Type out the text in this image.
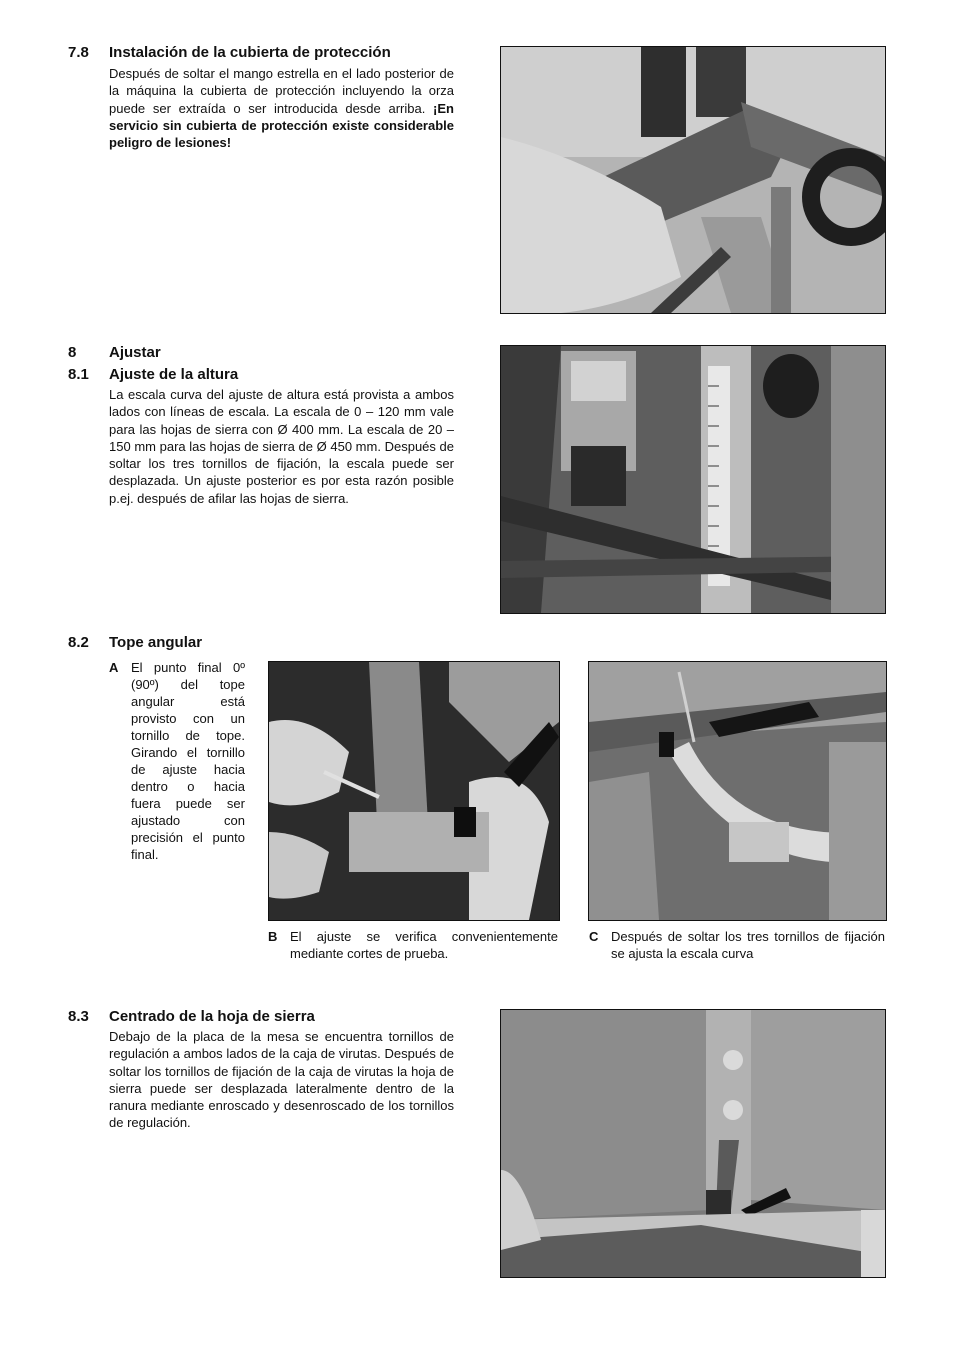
7.8 Instalación de la cubierta de protección
Después de soltar el mango estrella en el lado posterior de la máquina la cubierta de protección incluyendo la orza puede ser extraída o ser introducida desde arriba. ¡En servicio sin cubierta de protección existe considerable peligro de lesiones!
8 Ajustar
8.1 Ajuste de la altura
La escala curva del ajuste de altura está provista a ambos lados con líneas de escala. La escala de 0 – 120 mm vale para las hojas de sierra con Ø 400 mm. La escala de 20 – 150 mm para las hojas de sierra de Ø 450 mm. Después de soltar los tres tornillos de fijación, la escala puede ser desplazada. Un ajuste posterior es por esta razón posible p.ej. después de afilar las hojas de sierra.
8.2 Tope angular
A El punto final 0º (90º) del tope angular está provisto con un tornillo de tope. Girando el tornillo de ajuste hacia dentro o hacia fuera puede ser ajustado con precisión el punto final.
B El ajuste se verifica convenientemente mediante cortes de prueba.
C Después de soltar los tres tornillos de fijación se ajusta la escala curva
8.3 Centrado de la hoja de sierra
Debajo de la placa de la mesa se encuentra tornillos de regulación a ambos lados de la caja de virutas. Después de soltar los tornillos de fijación de la caja de virutas la hoja de sierra puede ser desplazada lateralmente dentro de la ranura mediante enroscado y desenroscado de los tornillos de regulación.
